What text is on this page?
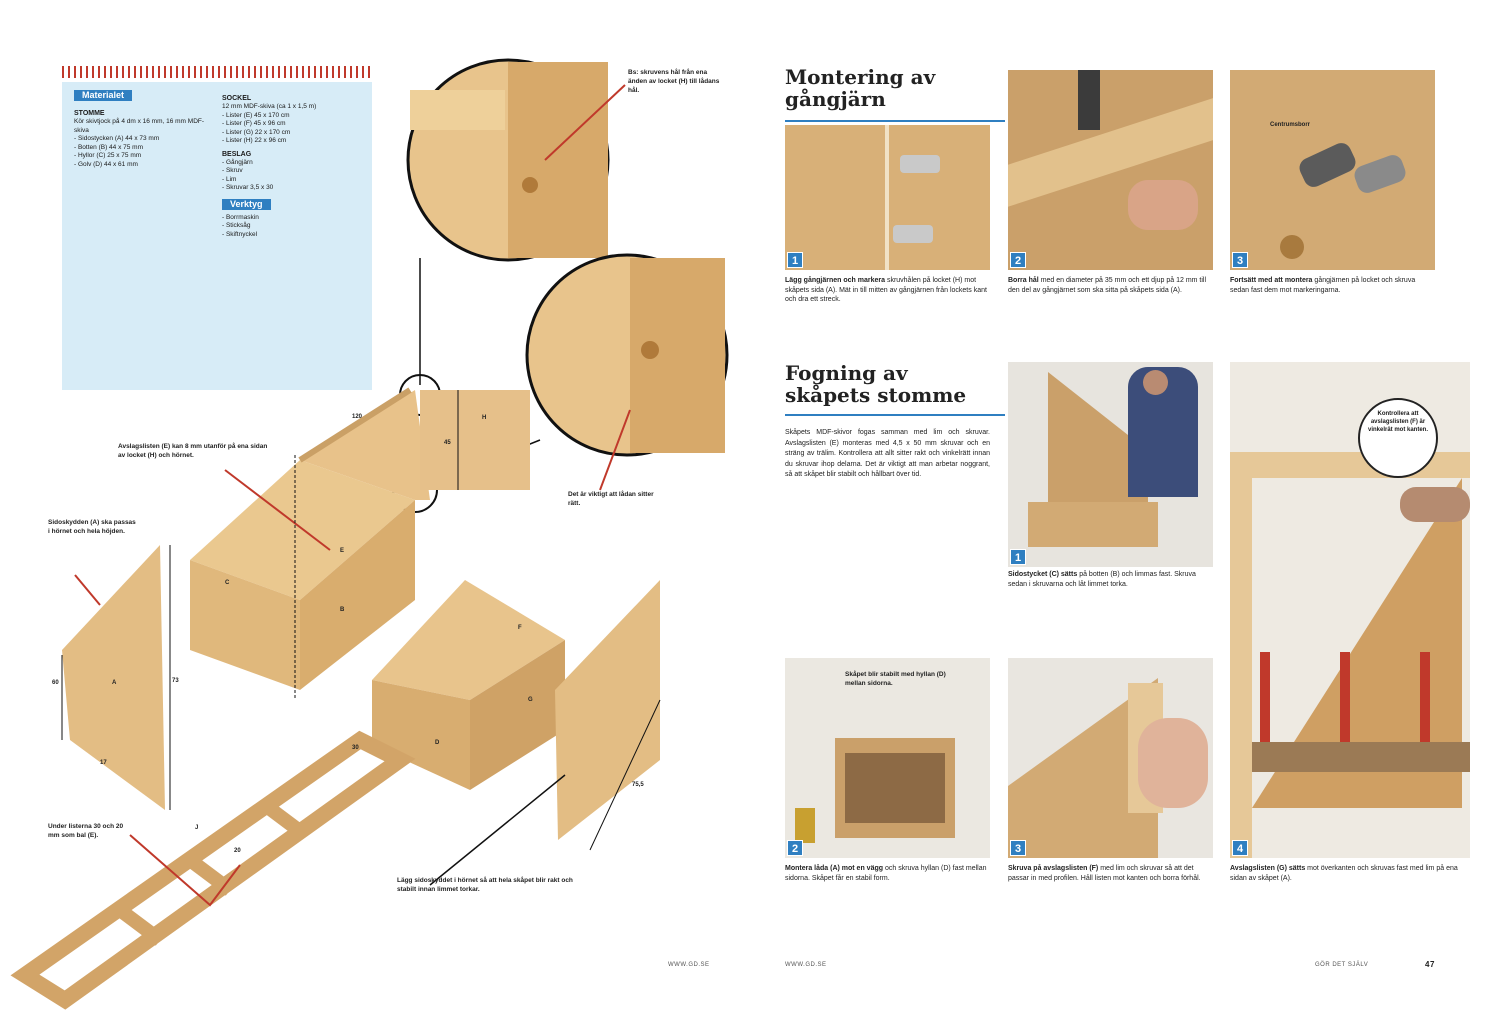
Materialet
STOMME

Kör skivtjock på 4 dm x 16 mm, 16 mm MDF-skiva

- Sidostycken (A) 44 x 73 mm

- Botten (B) 44 x 75 mm

- Hyllor (C) 25 x 75 mm

- Golv (D) 44 x 61 mm

SOCKEL

12 mm MDF-skiva (ca 1 x 1,5 m)

- Lister (E) 45 x 170 cm

- Lister (F) 45 x 96 cm

- Lister (G) 22 x 170 cm

- Lister (H) 22 x 96 cm

BESLAG

- Gångjärn

- Skruv

- Lim

- Skruvar 3,5 x 30

Verktyg

- Borrmaskin

- Sticksåg

- Skiftnyckel

A
B
C
D
E
F
G
H
J
120
45
73
60
75,5
17
30
20
Bs: skruvens hål från ena änden av locket (H) till lådans hål.
Avslagslisten (E) kan 8 mm utanför på ena sidan av locket (H) och hörnet.
Sidoskydden (A) ska passas i hörnet och hela höjden.
Det är viktigt att lådan sitter rätt.
Under listerna 30 och 20 mm som bal (E).
Lägg sidoskyddet i hörnet så att hela skåpet blir rakt och stabilt innan limmet torkar.
WWW.GD.SE
Montering av gångjärn
1
Lägg gångjärnen och markera skruvhålen på locket (H) mot skåpets sida (A). Mät in till mitten av gångjärnen från lockets kant och dra ett streck.
2
Borra hål med en diameter på 35 mm och ett djup på 12 mm till den del av gångjärnet som ska sitta på skåpets sida (A).
Centrumsborr
3
Fortsätt med att montera gångjärnen på locket och skruva sedan fast dem mot markeringarna.
Fogning av skåpets stomme
Skåpets MDF-skivor fogas samman med lim och skruvar. Avslagslisten (E) monteras med 4,5 x 50 mm skruvar och en sträng av trälim. Kontrollera att allt sitter rakt och vinkelrätt innan du skruvar ihop delarna. Det är viktigt att man arbetar noggrant, så att skåpet blir stabilt och hållbart över tid.
1
Sidostycket (C) sätts på botten (B) och limmas fast. Skruva sedan i skruvarna och låt limmet torka.
Skåpet blir stabilt med hyllan (D) mellan sidorna.
2
Montera låda (A) mot en vägg och skruva hyllan (D) fast mellan sidorna. Skåpet får en stabil form.
3
Skruva på avslagslisten (F) med lim och skruvar så att det passar in med profilen. Håll listen mot kanten och borra förhål.
4
Kontrollera att avslagslisten (F) är vinkelrät mot kanten.
Avslagslisten (G) sätts mot överkanten och skruvas fast med lim på ena sidan av skåpet (A).
WWW.GD.SE	GÖR DET SJÄLV	47
